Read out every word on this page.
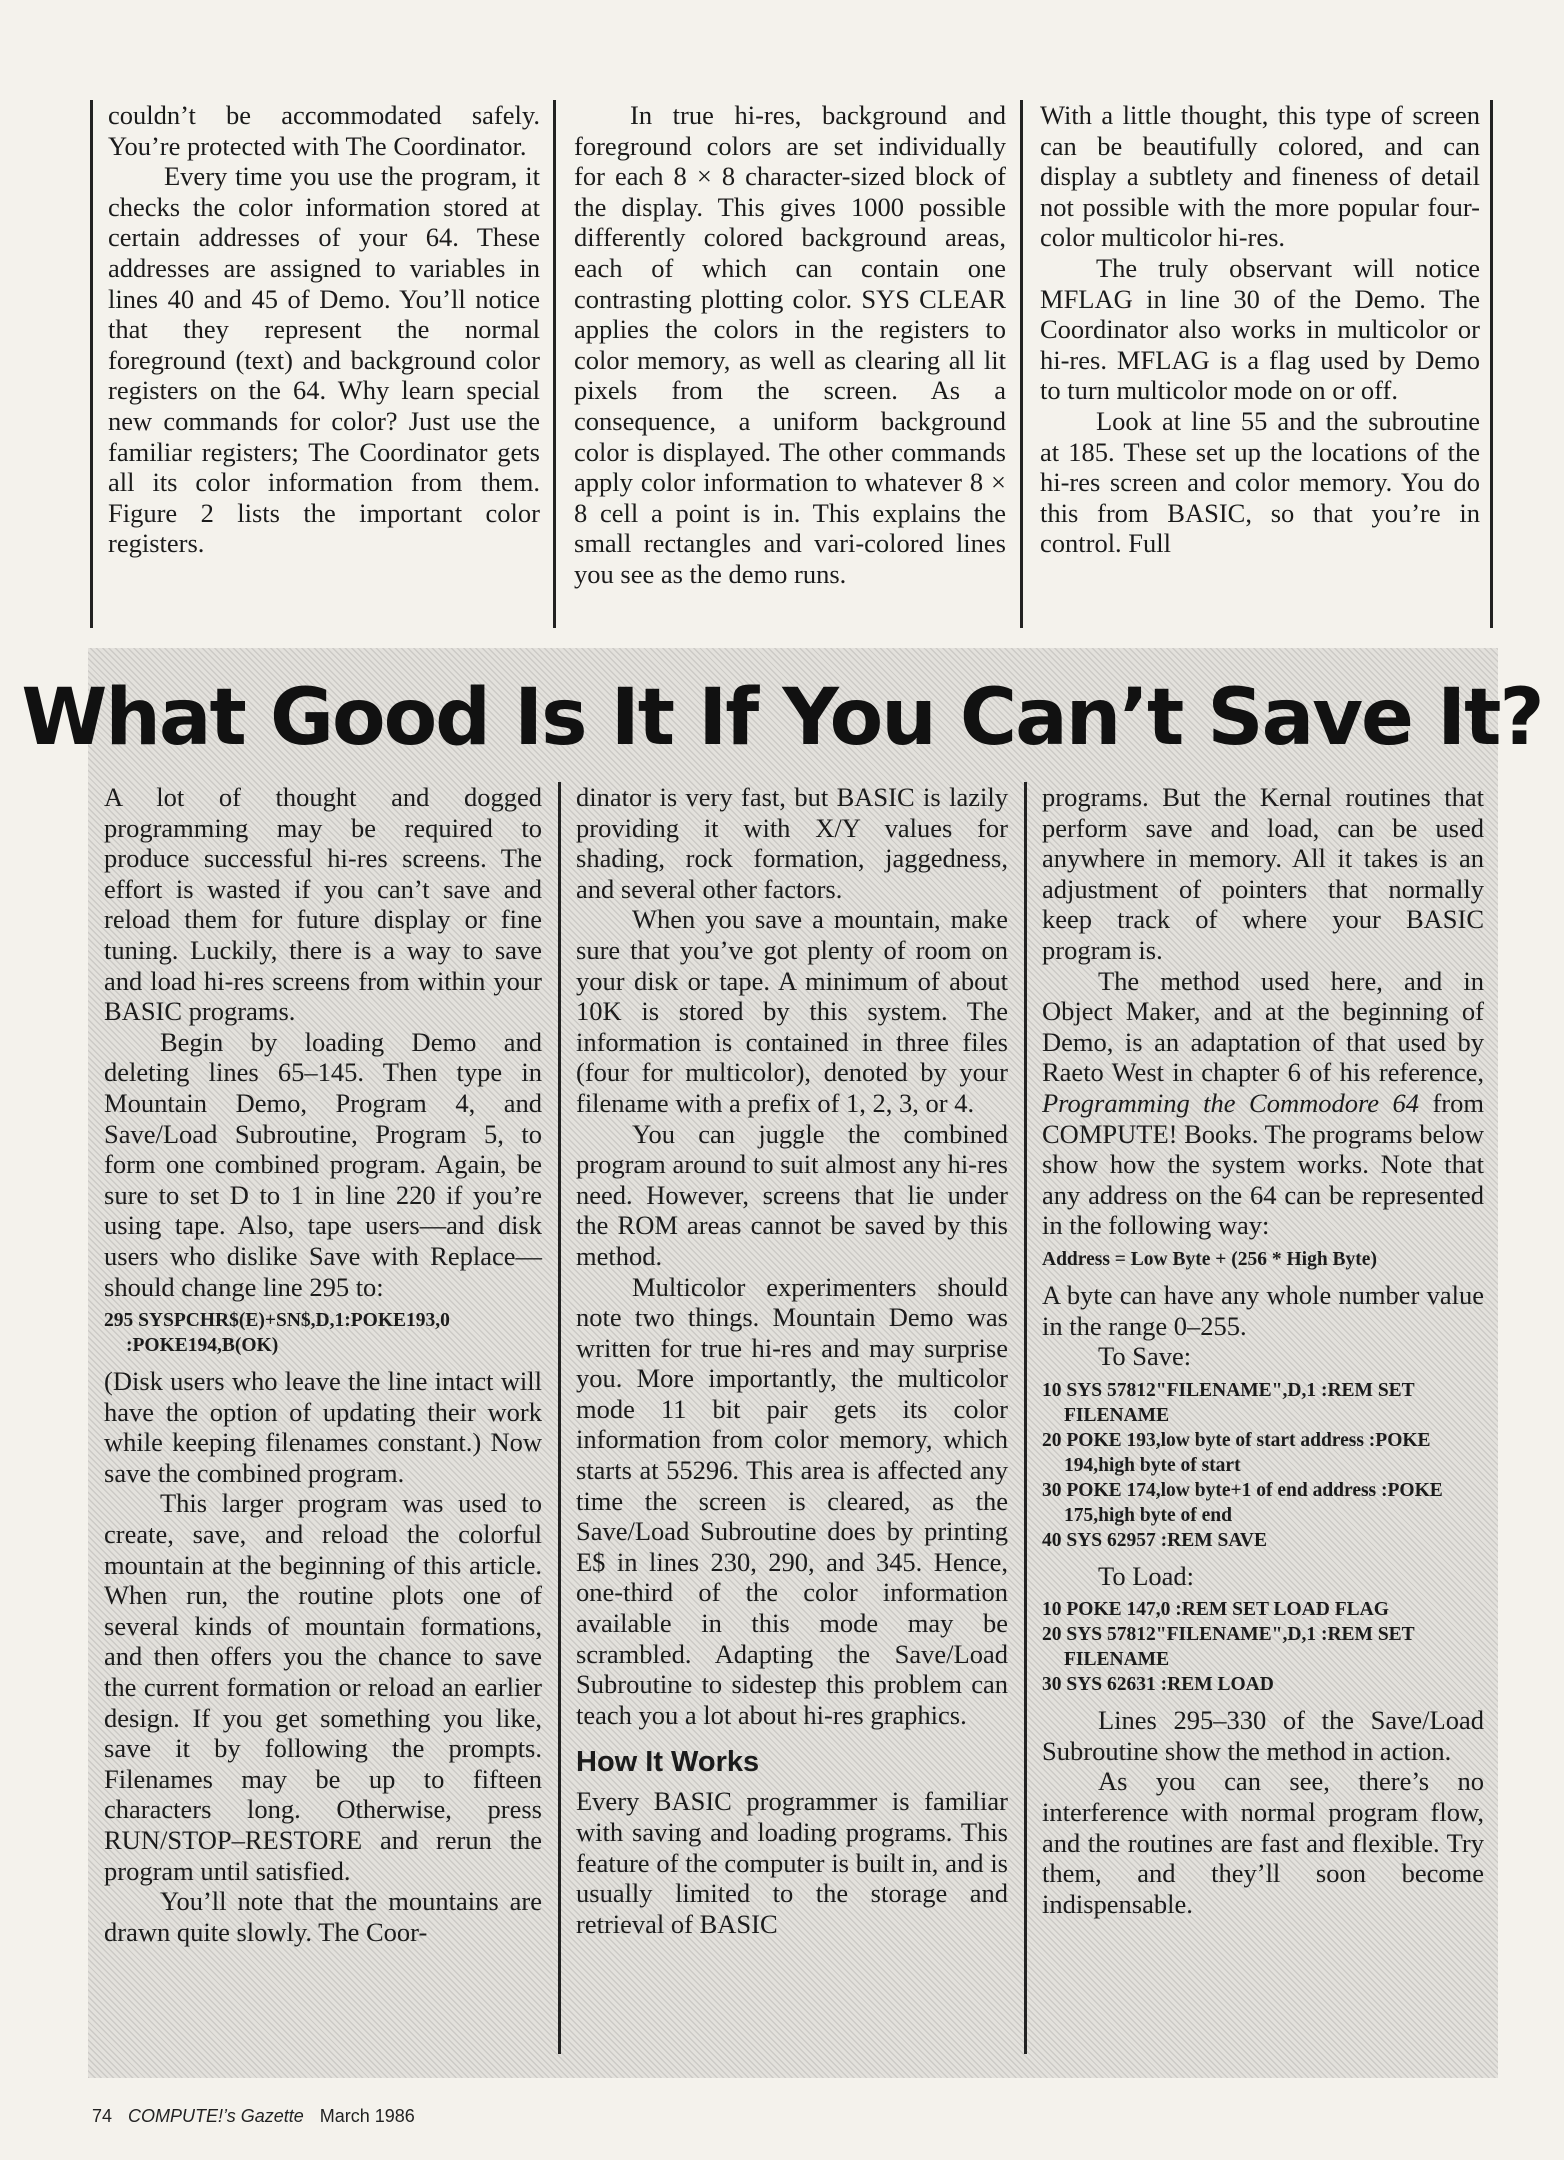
couldn’t be accommodated safely. You’re protected with The Coordinator.

Every time you use the program, it checks the color information stored at certain addresses of your 64. These addresses are assigned to variables in lines 40 and 45 of Demo. You’ll notice that they represent the normal foreground (text) and background color registers on the 64. Why learn special new commands for color? Just use the familiar registers; The Coordinator gets all its color information from them. Figure 2 lists the important color registers.

In true hi-res, background and foreground colors are set individually for each 8 × 8 character-sized block of the display. This gives 1000 possible differently colored background areas, each of which can contain one contrasting plotting color. SYS CLEAR applies the colors in the registers to color memory, as well as clearing all lit pixels from the screen. As a consequence, a uniform background color is displayed. The other commands apply color information to whatever 8 × 8 cell a point is in. This explains the small rectangles and vari-colored lines you see as the demo runs.

With a little thought, this type of screen can be beautifully colored, and can display a subtlety and fineness of detail not possible with the more popular four-color multicolor hi-res.

The truly observant will notice MFLAG in line 30 of the Demo. The Coordinator also works in multicolor or hi-res. MFLAG is a flag used by Demo to turn multicolor mode on or off.

Look at line 55 and the subroutine at 185. These set up the locations of the hi-res screen and color memory. You do this from BASIC, so that you’re in control. Full

What Good Is It If You Can’t Save It?

A lot of thought and dogged programming may be required to produce successful hi-res screens. The effort is wasted if you can’t save and reload them for future display or fine tuning. Luckily, there is a way to save and load hi-res screens from within your BASIC programs.

Begin by loading Demo and deleting lines 65–145. Then type in Mountain Demo, Program 4, and Save/Load Subroutine, Program 5, to form one combined program. Again, be sure to set D to 1 in line 220 if you’re using tape. Also, tape users—and disk users who dislike Save with Replace—should change line 295 to:

295 SYSPCHR$(E)+SN$,D,1:POKE193,0 :POKE194,B(OK)

(Disk users who leave the line intact will have the option of updating their work while keeping filenames constant.) Now save the combined program.

This larger program was used to create, save, and reload the colorful mountain at the beginning of this article. When run, the routine plots one of several kinds of mountain formations, and then offers you the chance to save the current formation or reload an earlier design. If you get something you like, save it by following the prompts. Filenames may be up to fifteen characters long. Otherwise, press RUN/STOP–RESTORE and rerun the program until satisfied.

You’ll note that the mountains are drawn quite slowly. The Coor-

dinator is very fast, but BASIC is lazily providing it with X/Y values for shading, rock formation, jaggedness, and several other factors.

When you save a mountain, make sure that you’ve got plenty of room on your disk or tape. A minimum of about 10K is stored by this system. The information is contained in three files (four for multicolor), denoted by your filename with a prefix of 1, 2, 3, or 4.

You can juggle the combined program around to suit almost any hi-res need. However, screens that lie under the ROM areas cannot be saved by this method.

Multicolor experimenters should note two things. Mountain Demo was written for true hi-res and may surprise you. More importantly, the multicolor mode 11 bit pair gets its color information from color memory, which starts at 55296. This area is affected any time the screen is cleared, as the Save/Load Subroutine does by printing E$ in lines 230, 290, and 345. Hence, one-third of the color information available in this mode may be scrambled. Adapting the Save/Load Subroutine to sidestep this problem can teach you a lot about hi-res graphics.

How It Works

Every BASIC programmer is familiar with saving and loading programs. This feature of the computer is built in, and is usually limited to the storage and retrieval of BASIC

programs. But the Kernal routines that perform save and load, can be used anywhere in memory. All it takes is an adjustment of pointers that normally keep track of where your BASIC program is.

The method used here, and in Object Maker, and at the beginning of Demo, is an adaptation of that used by Raeto West in chapter 6 of his reference, Programming the Commodore 64 from COMPUTE! Books. The programs below show how the system works. Note that any address on the 64 can be represented in the following way:

Address = Low Byte + (256 * High Byte)

A byte can have any whole number value in the range 0–255.

To Save:

10 SYS 57812"FILENAME",D,1 :REM SET FILENAME
20 POKE 193,low byte of start address :POKE 194,high byte of start
30 POKE 174,low byte+1 of end address :POKE 175,high byte of end
40 SYS 62957 :REM SAVE

To Load:

10 POKE 147,0 :REM SET LOAD FLAG
20 SYS 57812"FILENAME",D,1 :REM SET FILENAME
30 SYS 62631 :REM LOAD

Lines 295–330 of the Save/Load Subroutine show the method in action.

As you can see, there’s no interference with normal program flow, and the routines are fast and flexible. Try them, and they’ll soon become indispensable.

74 COMPUTE!’s Gazette March 1986
